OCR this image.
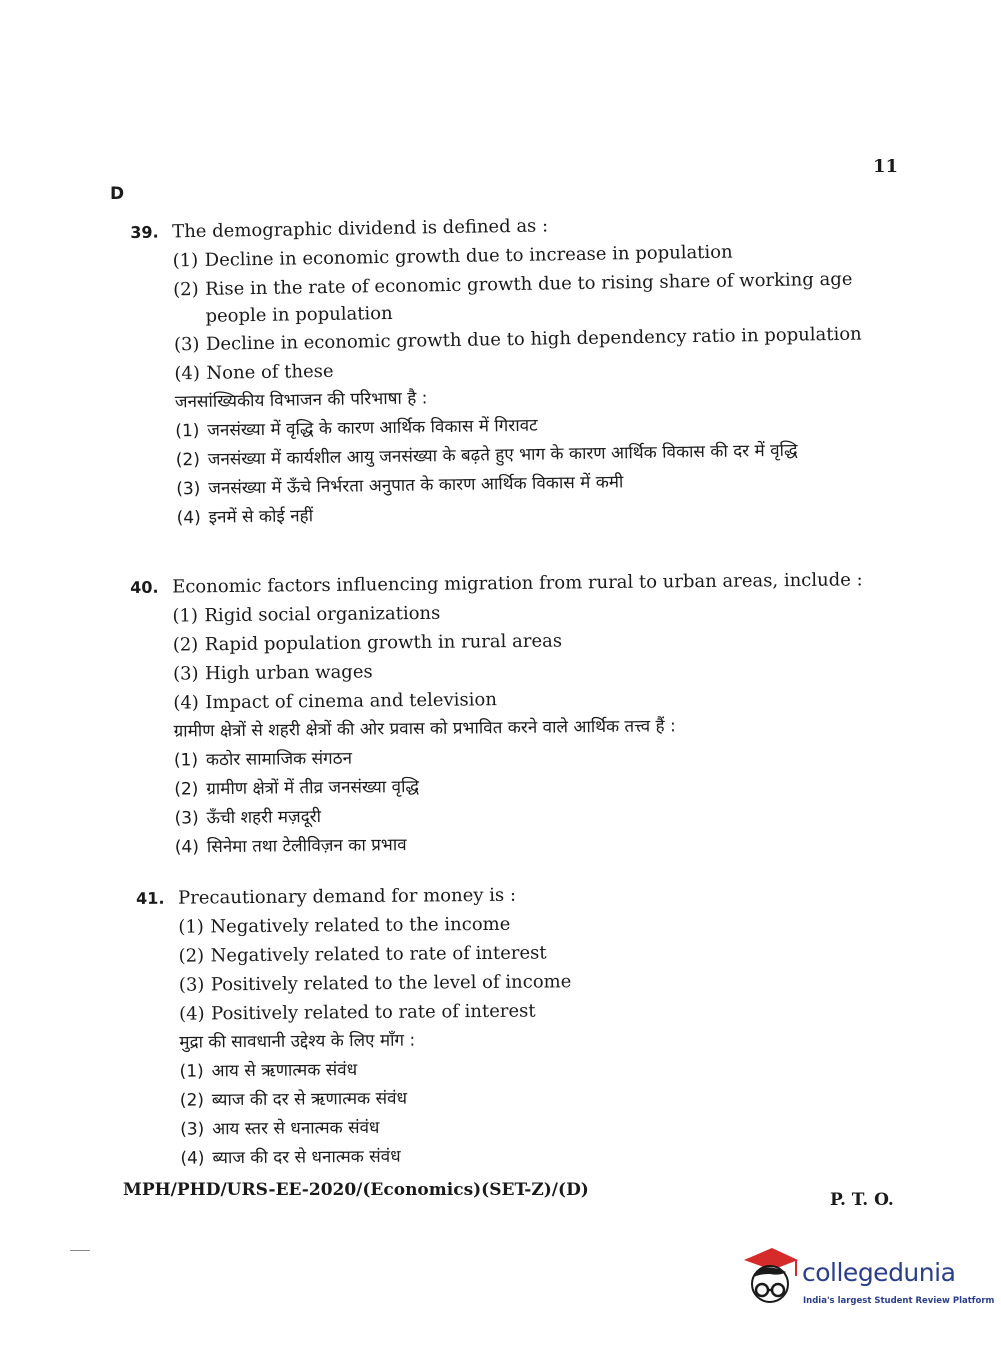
11
D
39. The demographic dividend is defined as :
(1) Decline in economic growth due to increase in population
(2) Rise in the rate of economic growth due to rising share of working age people in population
(3) Decline in economic growth due to high dependency ratio in population
(4) None of these
जनसांख्यिकीय विभाजन की परिभाषा है :
(1) जनसंख्या में वृद्धि के कारण आर्थिक विकास में गिरावट
(2) जनसंख्या में कार्यशील आयु जनसंख्या के बढ़ते हुए भाग के कारण आर्थिक विकास की दर में वृद्धि
(3) जनसंख्या में ऊँचे निर्भरता अनुपात के कारण आर्थिक विकास में कमी
(4) इनमें से कोई नहीं
40. Economic factors influencing migration from rural to urban areas, include :
(1) Rigid social organizations
(2) Rapid population growth in rural areas
(3) High urban wages
(4) Impact of cinema and television
ग्रामीण क्षेत्रों से शहरी क्षेत्रों की ओर प्रवास को प्रभावित करने वाले आर्थिक तत्त्व हैं :
(1) कठोर सामाजिक संगठन
(2) ग्रामीण क्षेत्रों में तीव्र जनसंख्या वृद्धि
(3) ऊँची शहरी मज़दूरी
(4) सिनेमा तथा टेलीविज़न का प्रभाव
41. Precautionary demand for money is :
(1) Negatively related to the income
(2) Negatively related to rate of interest
(3) Positively related to the level of income
(4) Positively related to rate of interest
मुद्रा की सावधानी उद्देश्य के लिए माँग :
(1) आय से ऋणात्मक संवंध
(2) ब्याज की दर से ऋणात्मक संवंध
(3) आय स्तर से धनात्मक संवंध
(4) ब्याज की दर से धनात्मक संवंध
MPH/PHD/URS-EE-2020/(Economics)(SET-Z)/(D)	P. T. O.
collegedunia
India's largest Student Review Platform
